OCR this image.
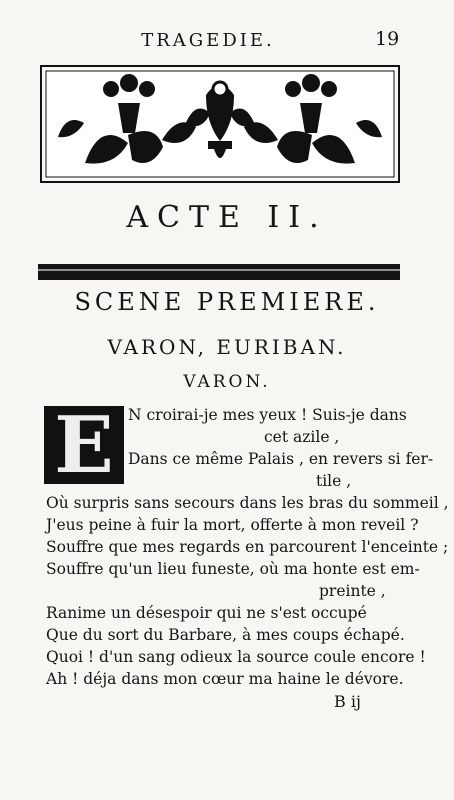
TRAGEDIE.	19
ACTE II.
SCENE PREMIERE.
VARON, EURIBAN.
VARON.
E N croirai-je mes yeux ! Suis-je dans
cet azile ,
Dans ce même Palais , en revers si fer-
tile ,
Où surpris sans secours dans les bras du sommeil ,
J'eus peine à fuir la mort, offerte à mon reveil ?
Souffre que mes regards en parcourent l'enceinte ;
Souffre qu'un lieu funeste, où ma honte est em-
preinte ,
Ranime un désespoir qui ne s'est occupé
Que du sort du Barbare, à mes coups échapé.
Quoi ! d'un sang odieux la source coule encore !
Ah ! déja dans mon cœur ma haine le dévore.
B ij
